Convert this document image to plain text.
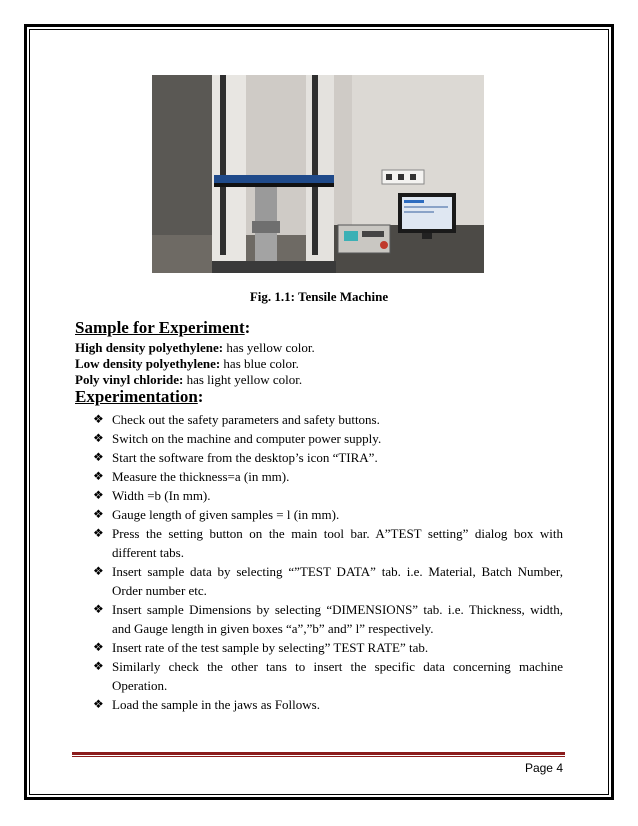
Fig. 1.1: Tensile Machine
Sample for Experiment:
High density polyethylene: has yellow color.
Low density polyethylene: has blue color.
Poly vinyl chloride: has light yellow color.
Experimentation:
❖ Check out the safety parameters and safety buttons.
❖ Switch on the machine and computer power supply.
❖ Start the software from the desktop’s icon “TIRA”.
❖ Measure the thickness=a (in mm).
❖ Width =b (In mm).
❖ Gauge length of given samples = l (in mm).
❖ Press the setting button on the main tool bar. A”TEST setting” dialog box with different tabs.
❖ Insert sample data by selecting “”TEST DATA” tab. i.e. Material, Batch Number, Order number etc.
❖ Insert sample Dimensions by selecting “DIMENSIONS” tab. i.e. Thickness, width, and Gauge length in given boxes “a”,”b” and” l” respectively.
❖ Insert rate of the test sample by selecting” TEST RATE” tab.
❖ Similarly check the other tans to insert the specific data concerning machine Operation.
❖ Load the sample in the jaws as Follows.
Page 4
